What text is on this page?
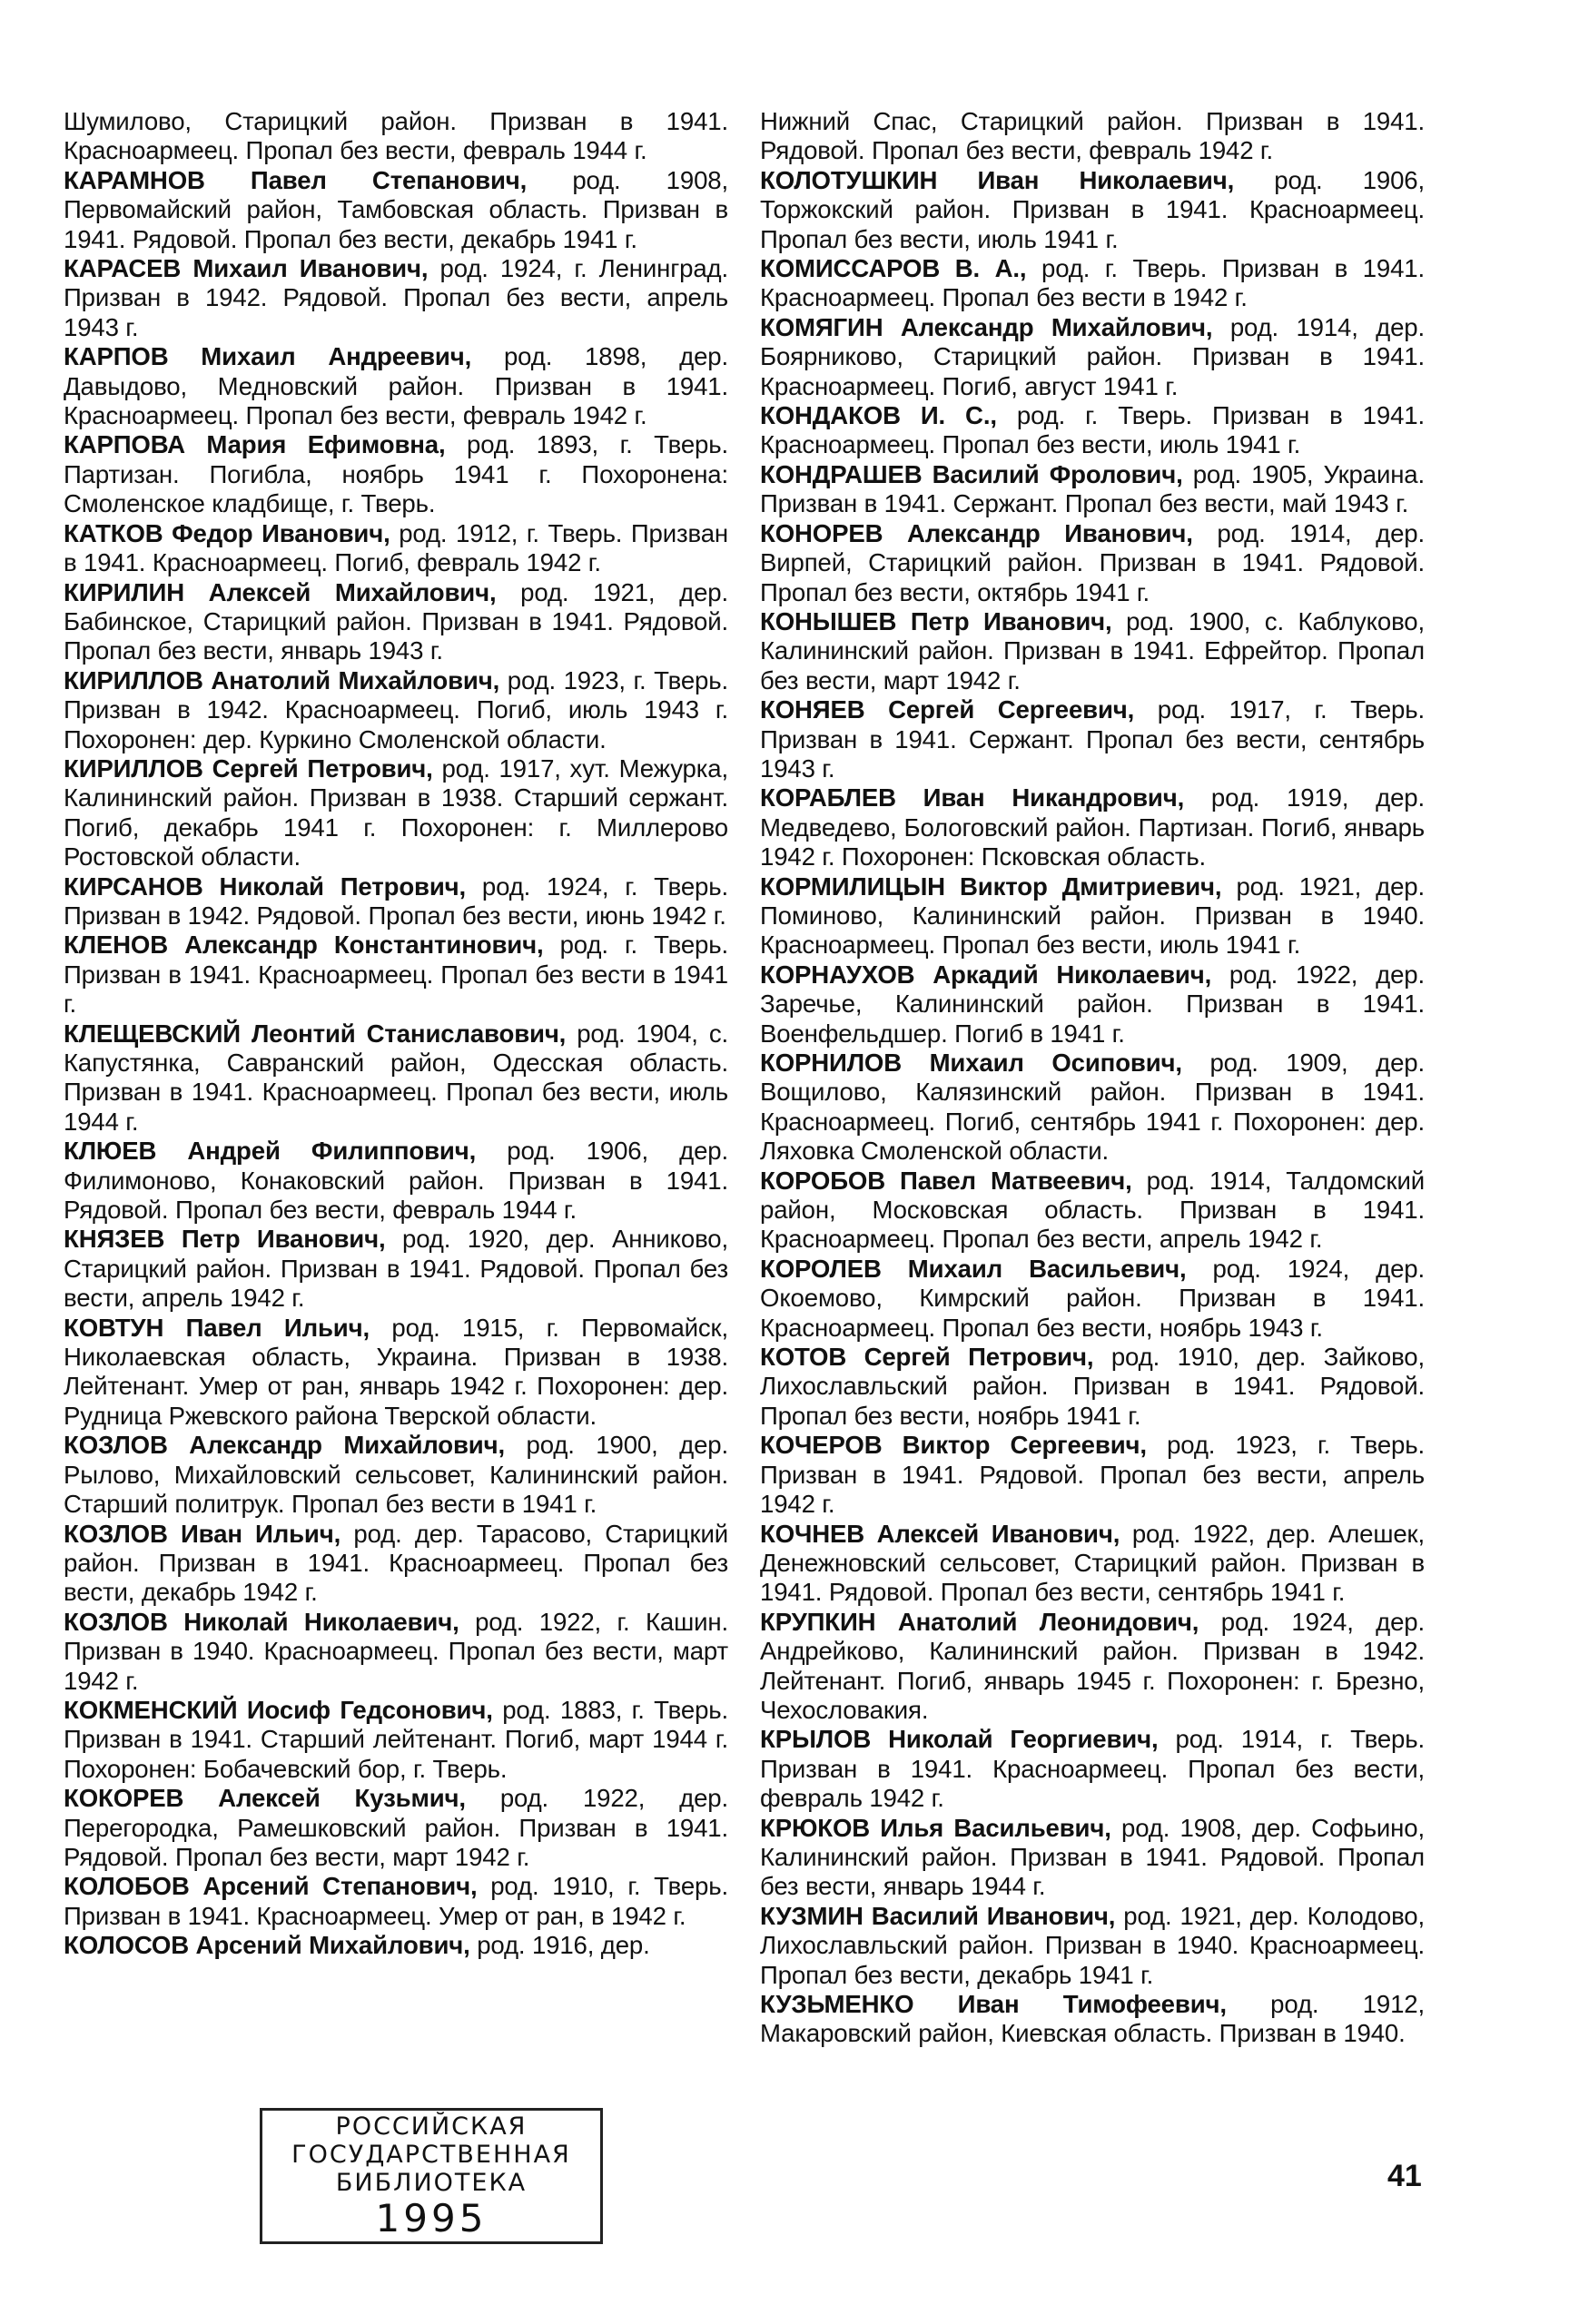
Шумилово, Старицкий район. Призван в 1941. Красноармеец. Пропал без вести, февраль 1944 г.

КАРАМНОВ Павел Степанович, род. 1908, Первомайский район, Тамбовская область. Призван в 1941. Рядовой. Пропал без вести, декабрь 1941 г.

КАРАСЕВ Михаил Иванович, род. 1924, г. Ленинград. Призван в 1942. Рядовой. Пропал без вести, апрель 1943 г.

КАРПОВ Михаил Андреевич, род. 1898, дер. Давыдово, Медновский район. Призван в 1941. Красноармеец. Пропал без вести, февраль 1942 г.

КАРПОВА Мария Ефимовна, род. 1893, г. Тверь. Партизан. Погибла, ноябрь 1941 г. Похоронена: Смоленское кладбище, г. Тверь.

КАТКОВ Федор Иванович, род. 1912, г. Тверь. Призван в 1941. Красноармеец. Погиб, февраль 1942 г.

КИРИЛИН Алексей Михайлович, род. 1921, дер. Бабинское, Старицкий район. Призван в 1941. Рядовой. Пропал без вести, январь 1943 г.

КИРИЛЛОВ Анатолий Михайлович, род. 1923, г. Тверь. Призван в 1942. Красноармеец. Погиб, июль 1943 г. Похоронен: дер. Куркино Смоленской области.

КИРИЛЛОВ Сергей Петрович, род. 1917, хут. Межурка, Калининский район. Призван в 1938. Старший сержант. Погиб, декабрь 1941 г. Похоронен: г. Миллерово Ростовской области.

КИРСАНОВ Николай Петрович, род. 1924, г. Тверь. Призван в 1942. Рядовой. Пропал без вести, июнь 1942 г.

КЛЕНОВ Александр Константинович, род. г. Тверь. Призван в 1941. Красноармеец. Пропал без вести в 1941 г.

КЛЕЩЕВСКИЙ Леонтий Станиславович, род. 1904, с. Капустянка, Савранский район, Одесская область. Призван в 1941. Красноармеец. Пропал без вести, июль 1944 г.

КЛЮЕВ Андрей Филиппович, род. 1906, дер. Филимоново, Конаковский район. Призван в 1941. Рядовой. Пропал без вести, февраль 1944 г.

КНЯЗЕВ Петр Иванович, род. 1920, дер. Анниково, Старицкий район. Призван в 1941. Рядовой. Пропал без вести, апрель 1942 г.

КОВТУН Павел Ильич, род. 1915, г. Первомайск, Николаевская область, Украина. Призван в 1938. Лейтенант. Умер от ран, январь 1942 г. Похоронен: дер. Рудница Ржевского района Тверской области.

КОЗЛОВ Александр Михайлович, род. 1900, дер. Рылово, Михайловский сельсовет, Калининский район. Старший политрук. Пропал без вести в 1941 г.

КОЗЛОВ Иван Ильич, род. дер. Тарасово, Старицкий район. Призван в 1941. Красноармеец. Пропал без вести, декабрь 1942 г.

КОЗЛОВ Николай Николаевич, род. 1922, г. Кашин. Призван в 1940. Красноармеец. Пропал без вести, март 1942 г.

КОКМЕНСКИЙ Иосиф Гедсонович, род. 1883, г. Тверь. Призван в 1941. Старший лейтенант. Погиб, март 1944 г. Похоронен: Бобачевский бор, г. Тверь.

КОКОРЕВ Алексей Кузьмич, род. 1922, дер. Перегородка, Рамешковский район. Призван в 1941. Рядовой. Пропал без вести, март 1942 г.

КОЛОБОВ Арсений Степанович, род. 1910, г. Тверь. Призван в 1941. Красноармеец. Умер от ран, в 1942 г.

КОЛОСОВ Арсений Михайлович, род. 1916, дер.

Нижний Спас, Старицкий район. Призван в 1941. Рядовой. Пропал без вести, февраль 1942 г.

КОЛОТУШКИН Иван Николаевич, род. 1906, Торжокский район. Призван в 1941. Красноармеец. Пропал без вести, июль 1941 г.

КОМИССАРОВ В. А., род. г. Тверь. Призван в 1941. Красноармеец. Пропал без вести в 1942 г.

КОМЯГИН Александр Михайлович, род. 1914, дер. Боярниково, Старицкий район. Призван в 1941. Красноармеец. Погиб, август 1941 г.

КОНДАКОВ И. С., род. г. Тверь. Призван в 1941. Красноармеец. Пропал без вести, июль 1941 г.

КОНДРАШЕВ Василий Фролович, род. 1905, Украина. Призван в 1941. Сержант. Пропал без вести, май 1943 г.

КОНОРЕВ Александр Иванович, род. 1914, дер. Вирпей, Старицкий район. Призван в 1941. Рядовой. Пропал без вести, октябрь 1941 г.

КОНЫШЕВ Петр Иванович, род. 1900, с. Каблуково, Калининский район. Призван в 1941. Ефрейтор. Пропал без вести, март 1942 г.

КОНЯЕВ Сергей Сергеевич, род. 1917, г. Тверь. Призван в 1941. Сержант. Пропал без вести, сентябрь 1943 г.

КОРАБЛЕВ Иван Никандрович, род. 1919, дер. Медведево, Бологовский район. Партизан. Погиб, январь 1942 г. Похоронен: Псковская область.

КОРМИЛИЦЫН Виктор Дмитриевич, род. 1921, дер. Поминово, Калининский район. Призван в 1940. Красноармеец. Пропал без вести, июль 1941 г.

КОРНАУХОВ Аркадий Николаевич, род. 1922, дер. Заречье, Калининский район. Призван в 1941. Военфельдшер. Погиб в 1941 г.

КОРНИЛОВ Михаил Осипович, род. 1909, дер. Вощилово, Калязинский район. Призван в 1941. Красноармеец. Погиб, сентябрь 1941 г. Похоронен: дер. Ляховка Смоленской области.

КОРОБОВ Павел Матвеевич, род. 1914, Талдомский район, Московская область. Призван в 1941. Красноармеец. Пропал без вести, апрель 1942 г.

КОРОЛЕВ Михаил Васильевич, род. 1924, дер. Окоемово, Кимрский район. Призван в 1941. Красноармеец. Пропал без вести, ноябрь 1943 г.

КОТОВ Сергей Петрович, род. 1910, дер. Зайково, Лихославльский район. Призван в 1941. Рядовой. Пропал без вести, ноябрь 1941 г.

КОЧЕРОВ Виктор Сергеевич, род. 1923, г. Тверь. Призван в 1941. Рядовой. Пропал без вести, апрель 1942 г.

КОЧНЕВ Алексей Иванович, род. 1922, дер. Алешек, Денежновский сельсовет, Старицкий район. Призван в 1941. Рядовой. Пропал без вести, сентябрь 1941 г.

КРУПКИН Анатолий Леонидович, род. 1924, дер. Андрейково, Калининский район. Призван в 1942. Лейтенант. Погиб, январь 1945 г. Похоронен: г. Брезно, Чехословакия.

КРЫЛОВ Николай Георгиевич, род. 1914, г. Тверь. Призван в 1941. Красноармеец. Пропал без вести, февраль 1942 г.

КРЮКОВ Илья Васильевич, род. 1908, дер. Софьино, Калининский район. Призван в 1941. Рядовой. Пропал без вести, январь 1944 г.

КУЗМИН Василий Иванович, род. 1921, дер. Колодово, Лихославльский район. Призван в 1940. Красноармеец. Пропал без вести, декабрь 1941 г.

КУЗЬМЕНКО Иван Тимофеевич, род. 1912, Макаровский район, Киевская область. Призван в 1940.

РОССИЙСКАЯ
ГОСУДАРСТВЕННАЯ
БИБЛИОТЕКА
1995
41
